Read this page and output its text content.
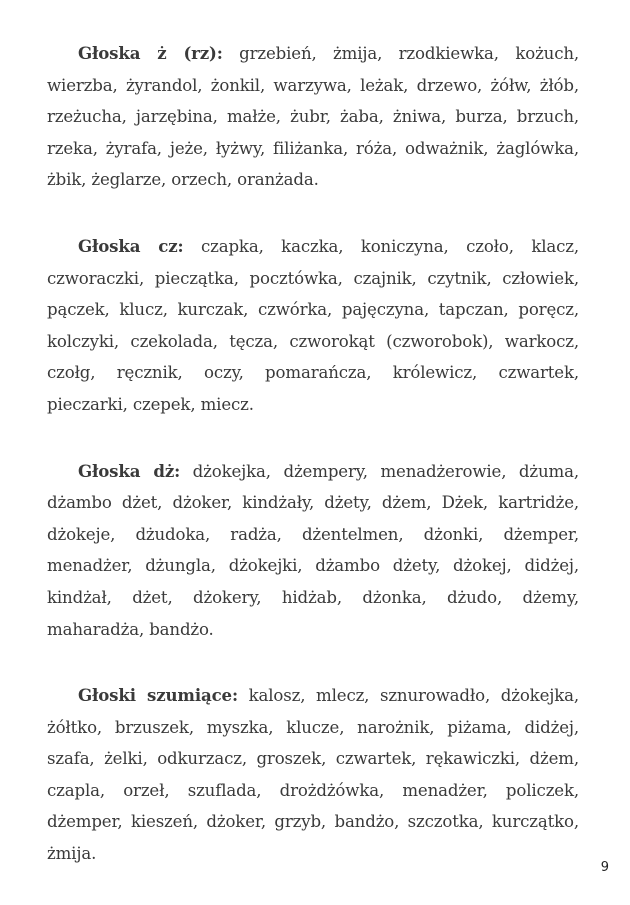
Głoska ż (rz): grzebień, żmija, rzodkiewka, kożuch, wierzba, żyrandol, żonkil, warzywa, leżak, drzewo, żółw, żłób, rzeżucha, jarzębina, małże, żubr, żaba, żniwa, burza, brzuch, rzeka, żyrafa, jeże, łyżwy, filiżanka, róża, odważnik, żaglówka, żbik, żeglarze, orzech, oranżada.

Głoska cz: czapka, kaczka, koniczyna, czoło, klacz, czworaczki, pieczątka, pocztówka, czajnik, czytnik, człowiek, pączek, klucz, kurczak, czwórka, pajęczyna, tapczan, poręcz, kolczyki, czekolada, tęcza, czworokąt (czworobok), warkocz, czołg, ręcznik, oczy, pomarańcza, królewicz, czwartek, pieczarki, czepek, miecz.

Głoska dż: dżokejka, dżempery, menadżerowie, dżuma, dżambo dżet, dżoker, kindżały, dżety, dżem, Dżek, kartridże, dżokeje, dżudoka, radża, dżentelmen, dżonki, dżemper, menadżer, dżungla, dżokejki, dżambo dżety, dżokej, didżej, kindżał, dżet, dżokery, hidżab, dżonka, dżudo, dżemy, maharadża, bandżo.

Głoski szumiące: kalosz, mlecz, sznurowadło, dżokejka, żółtko, brzuszek, myszka, klucze, narożnik, piżama, didżej, szafa, żelki, odkurzacz, groszek, czwartek, rękawiczki, dżem, czapla, orzeł, szuflada, drożdżówka, menadżer, policzek, dżemper, kieszeń, dżoker, grzyb, bandżo, szczotka, kurczątko, żmija.

9
